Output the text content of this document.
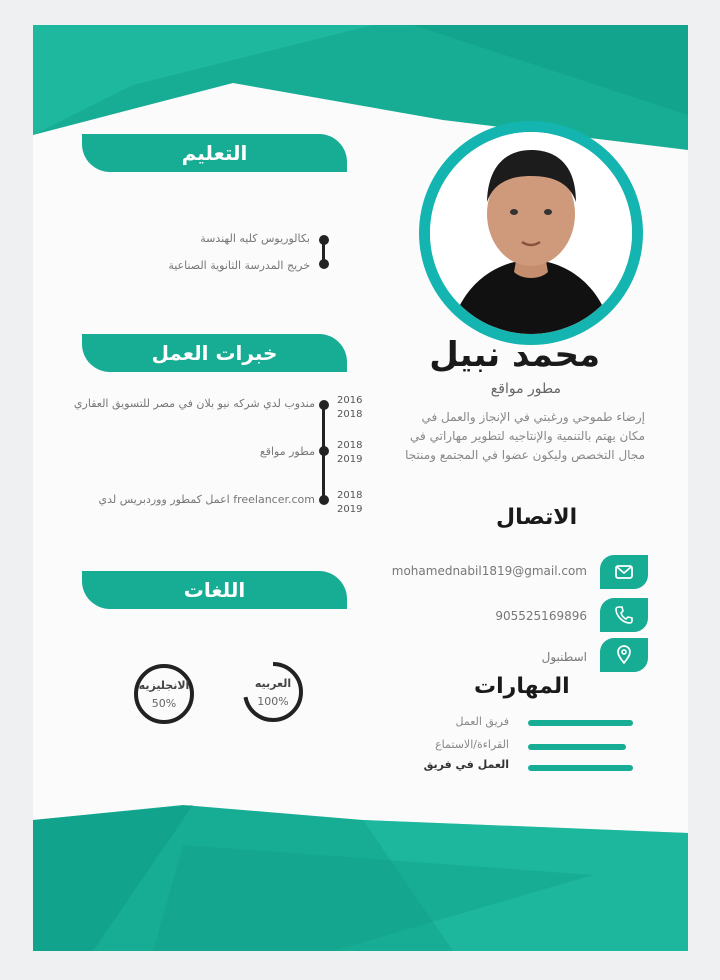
التعليم
بكالوريوس كليه الهندسة
خريج المدرسة الثانوية الصناعية
خبرات العمل
مندوب لدي شركه نيو بلان في مصر للتسويق العقاري 2016
2018
مطور مواقع 2018
2019
اعمل كمطور ووردبريس لدي freelancer.com 2018
2019
اللغات
العربيه
100%
الانجليزيه
50%
محمد نبيل
مطور مواقع
إرضاء طموحي ورغبتي في الإنجاز والعمل في مكان يهتم بالتنمية والإنتاجيه لتطوير مهاراتي في مجال التخصص وليكون عضوا في المجتمع ومنتجا
الاتصال
mohamednabil1819@gmail.com
905525169896
اسطنبول
المهارات
فريق العمل
القراءة/الاستماع
العمل في فريق
